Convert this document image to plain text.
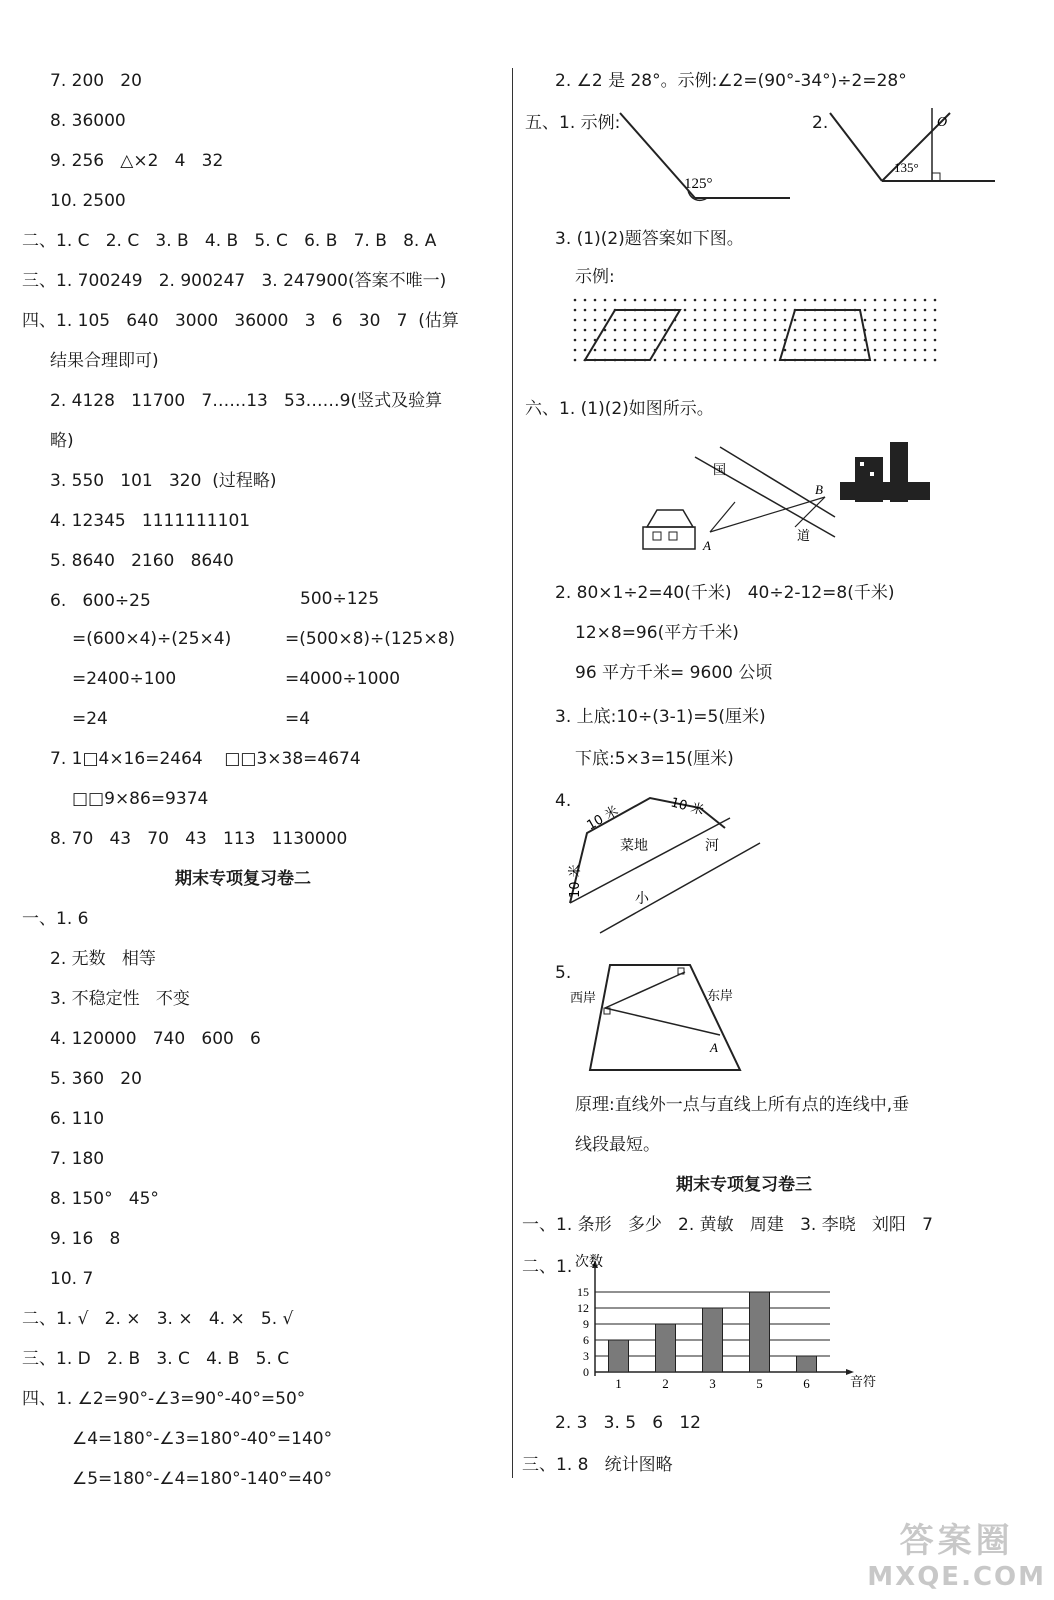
7. 200   20
8. 36000
9. 256   △×2   4   32
10. 2500
二、1. C   2. C   3. B   4. B   5. C   6. B   7. B   8. A
三、1. 700249   2. 900247   3. 247900(答案不唯一)
四、1. 105   640   3000   36000   3   6   30   7  (估算
结果合理即可)
2. 4128   11700   7……13   53……9(竖式及验算
略)
3. 550   101   320  (过程略)
4. 12345   1111111101
5. 8640   2160   8640
6.   600÷25	500÷125
=(600×4)÷(25×4)	=(500×8)÷(125×8)
=2400÷100	=4000÷1000
=24	=4
7. 1□4×16=2464    □□3×38=4674
□□9×86=9374
8. 70   43   70   43   113   1130000
一、1. 6
2. 无数   相等
3. 不稳定性   不变
4. 120000   740   600   6
5. 360   20
6. 110
7. 180
8. 150°   45°
9. 16   8
10. 7
二、1. √   2. ×   3. ×   4. ×   5. √
三、1. D   2. B   3. C   4. B   5. C
四、1. ∠2=90°-∠3=90°-40°=50°
∠4=180°-∠3=180°-40°=140°
∠5=180°-∠4=180°-140°=40°
期末专项复习卷二
2. ∠2 是 28°。示例:∠2=(90°-34°)÷2=28°
五、1. 示例:	2.
3. (1)(2)题答案如下图。
示例:
六、1. (1)(2)如图所示。
2. 80×1÷2=40(千米)   40÷2-12=8(千米)
12×8=96(平方千米)
96 平方千米= 9600 公顷
3. 上底:10÷(3-1)=5(厘米)
下底:5×3=15(厘米)
4.
5.
原理:直线外一点与直线上所有点的连线中,垂
线段最短。
一、1. 条形   多少   2. 黄敏   周建   3. 李晓   刘阳   7
二、1.
2. 3   3. 5   6   12
三、1. 8   统计图略
期末专项复习卷三
125°
135°
O
国
道
A
B
10 米	10 米
10 米
菜地	河
小
西岸	东岸
A
0
3
6
9
12
15
次数
音符
1	2	3	5	6
答案圈
MXQE.COM
